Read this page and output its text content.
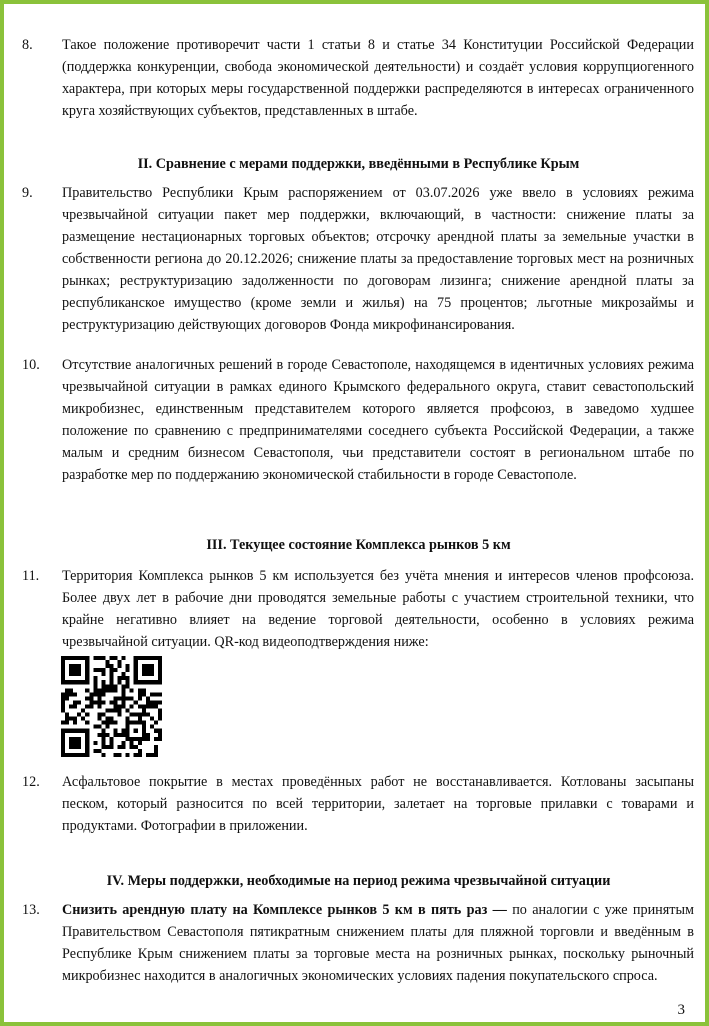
8.	Такое положение противоречит части 1 статьи 8 и статье 34 Конституции Российской Федерации (поддержка конкуренции, свобода экономической деятельности) и создаёт условия коррупциогенного характера, при которых меры государственной поддержки распределяются в интересах ограниченного круга хозяйствующих субъектов, представленных в штабе.
II. Сравнение с мерами поддержки, введёнными в Республике Крым
9.	Правительство Республики Крым распоряжением от 03.07.2026 уже ввело в условиях режима чрезвычайной ситуации пакет мер поддержки, включающий, в частности: снижение платы за размещение нестационарных торговых объектов; отсрочку арендной платы за земельные участки в собственности региона до 20.12.2026; снижение платы за предоставление торговых мест на розничных рынках; реструктуризацию задолженности по договорам лизинга; снижение арендной платы за республиканское имущество (кроме земли и жилья) на 75 процентов; льготные микрозаймы и реструктуризацию действующих договоров Фонда микрофинансирования.
10.	Отсутствие аналогичных решений в городе Севастополе, находящемся в идентичных условиях режима чрезвычайной ситуации в рамках единого Крымского федерального округа, ставит севастопольский микробизнес, единственным представителем которого является профсоюз, в заведомо худшее положение по сравнению с предпринимателями соседнего субъекта Российской Федерации, а также малым и средним бизнесом Севастополя, чьи представители состоят в региональном штабе по разработке мер по поддержанию экономической стабильности в городе Севастополе.
III. Текущее состояние Комплекса рынков 5 км
11.	Территория Комплекса рынков 5 км используется без учёта мнения и интересов членов профсоюза. Более двух лет в рабочие дни проводятся земельные работы с участием строительной техники, что крайне негативно влияет на ведение торговой деятельности, особенно в условиях режима чрезвычайной ситуации. QR-код видеоподтверждения ниже:
12.	Асфальтовое покрытие в местах проведённых работ не восстанавливается. Котлованы засыпаны песком, который разносится по всей территории, залетает на торговые прилавки с товарами и продуктами. Фотографии в приложении.
IV. Меры поддержки, необходимые на период режима чрезвычайной ситуации
13.	Снизить арендную плату на Комплексе рынков 5 км в пять раз — по аналогии с уже принятым Правительством Севастополя пятикратным снижением платы для пляжной торговли и введённым в Республике Крым снижением платы за торговые места на розничных рынках, поскольку рыночный микробизнес находится в аналогичных экономических условиях падения покупательского спроса.
3
